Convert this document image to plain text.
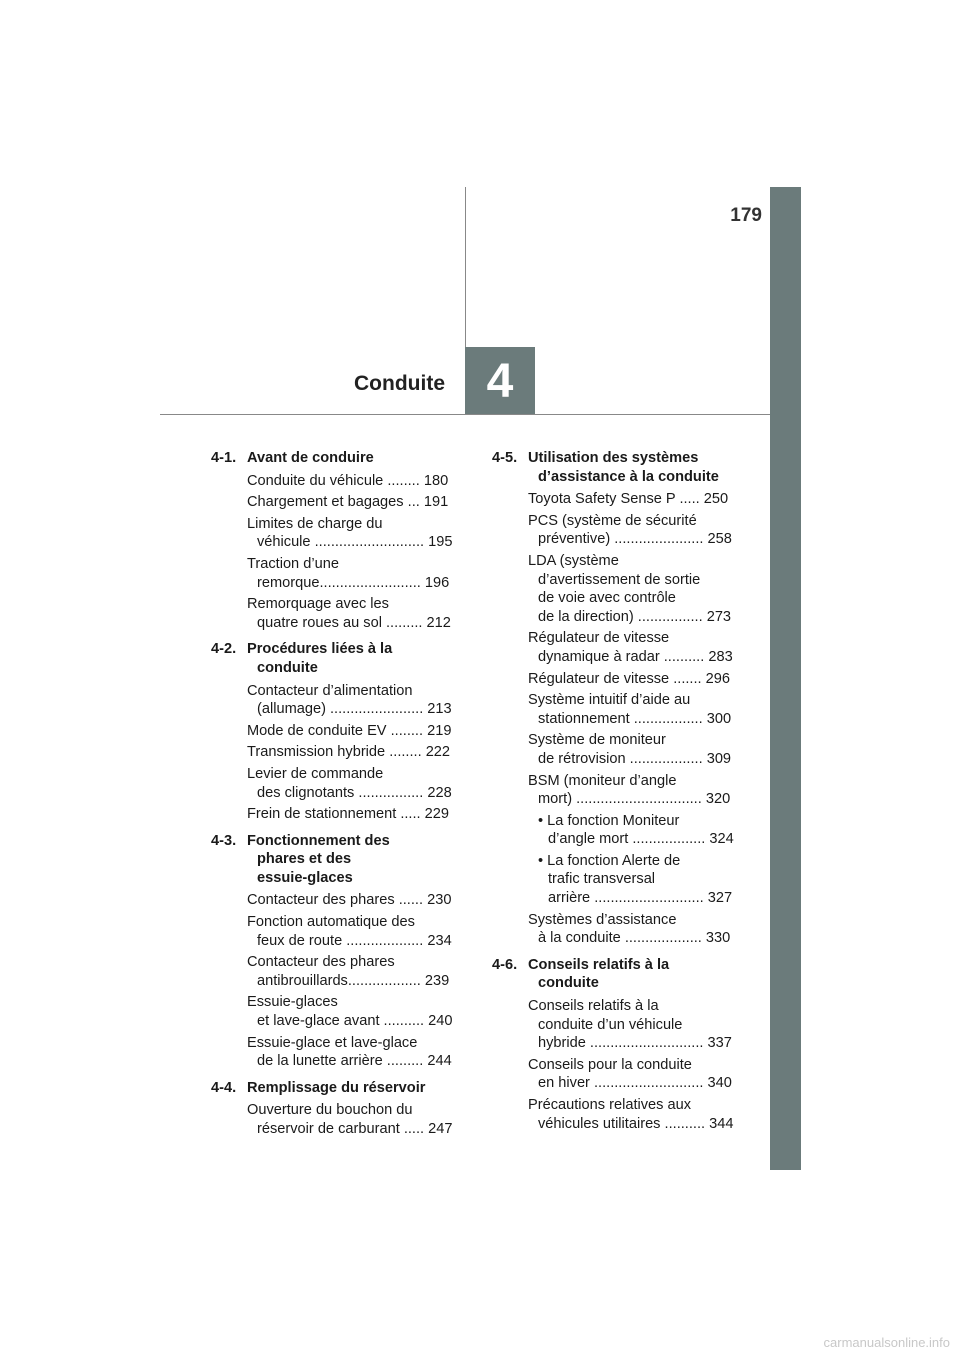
179
Conduite 4
4-1. Avant de conduire
Conduite du véhicule ........ 180
Chargement et bagages ... 191
Limites de charge du
véhicule ........................... 195
Traction d’une
remorque......................... 196
Remorquage avec les
quatre roues au sol ......... 212
4-2. Procédures liées à la
conduite
Contacteur d’alimentation
(allumage) ....................... 213
Mode de conduite EV ........ 219
Transmission hybride ........ 222
Levier de commande
des clignotants ................ 228
Frein de stationnement ..... 229
4-3. Fonctionnement des
phares et des
essuie-glaces
Contacteur des phares ...... 230
Fonction automatique des
feux de route ................... 234
Contacteur des phares
antibrouillards.................. 239
Essuie-glaces
et lave-glace avant .......... 240
Essuie-glace et lave-glace
de la lunette arrière ......... 244
4-4. Remplissage du réservoir
Ouverture du bouchon du
réservoir de carburant ..... 247
4-5. Utilisation des systèmes
d’assistance à la conduite
Toyota Safety Sense P ..... 250
PCS (système de sécurité
préventive) ...................... 258
LDA (système
d’avertissement de sortie
de voie avec contrôle
de la direction) ................ 273
Régulateur de vitesse
dynamique à radar .......... 283
Régulateur de vitesse ....... 296
Système intuitif d’aide au
stationnement ................. 300
Système de moniteur
de rétrovision .................. 309
BSM (moniteur d’angle
mort) ............................... 320
• La fonction Moniteur
d’angle mort .................. 324
• La fonction Alerte de
trafic transversal
arrière ........................... 327
Systèmes d’assistance
à la conduite ................... 330
4-6. Conseils relatifs à la
conduite
Conseils relatifs à la
conduite d’un véhicule
hybride ............................ 337
Conseils pour la conduite
en hiver ........................... 340
Précautions relatives aux
véhicules utilitaires .......... 344
carmanualsonline.info
